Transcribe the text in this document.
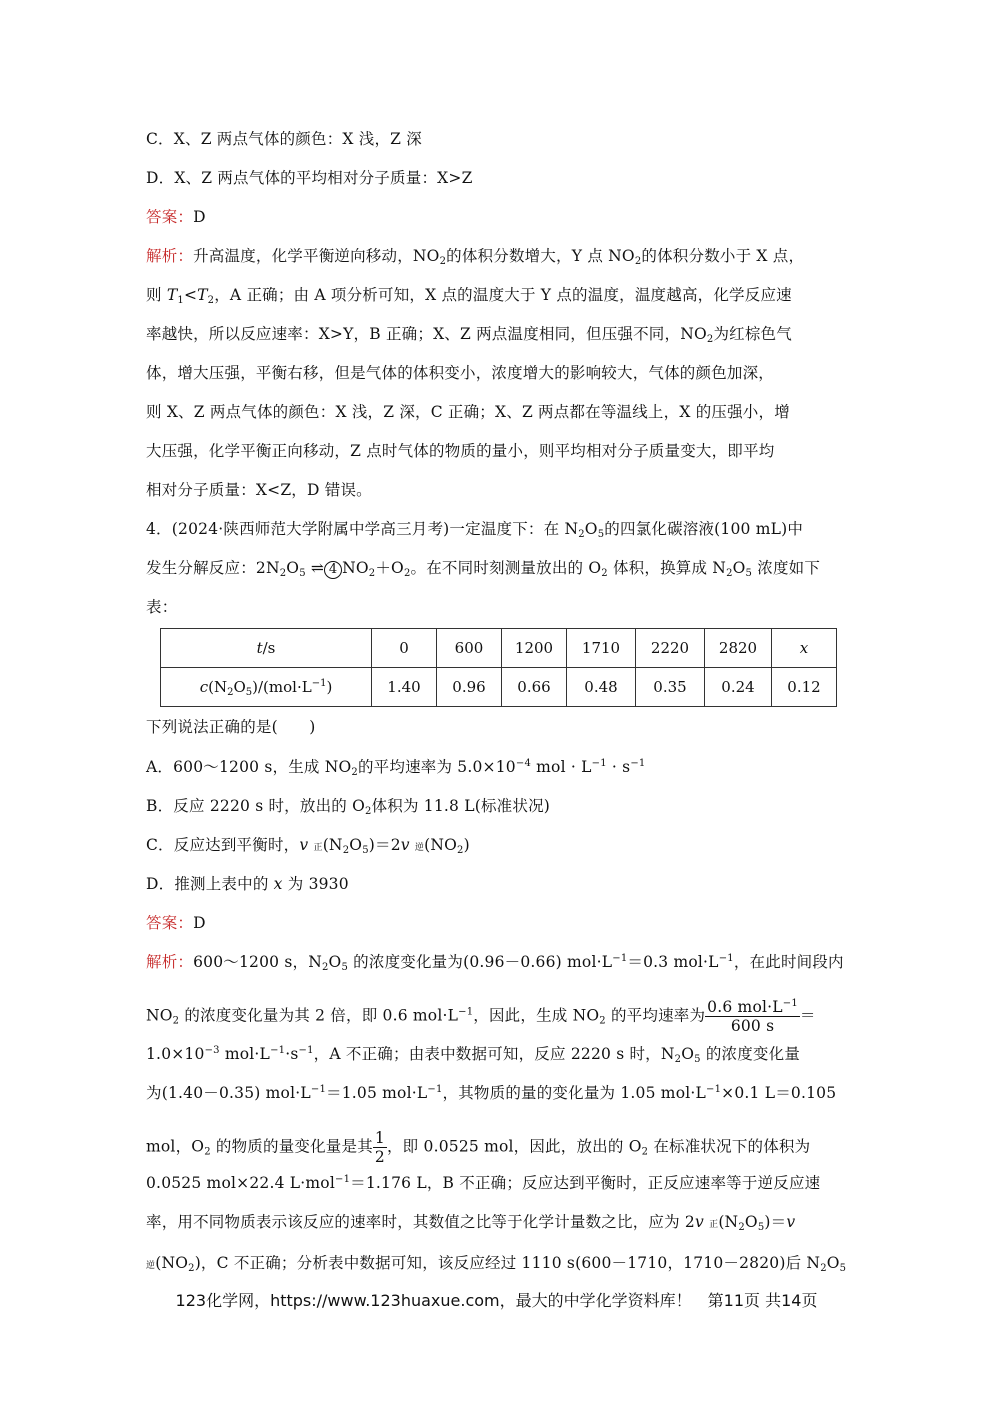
C．X、Z 两点气体的颜色：X 浅，Z 深
D．X、Z 两点气体的平均相对分子质量：X>Z
答案：D
解析：升高温度，化学平衡逆向移动，$NO_2$的体积分数增大，Y 点 $NO_2$的体积分数小于 X 点，
则 $T_1<T_2$，A 正确；由 A 项分析可知，X 点的温度大于 Y 点的温度，温度越高，化学反应速
率越快，所以反应速率：X>Y，B 正确；X、Z 两点温度相同，但压强不同，$NO_2$为红棕色气
体，增大压强，平衡右移，但是气体的体积变小，浓度增大的影响较大，气体的颜色加深，
则 X、Z 两点气体的颜色：X 浅，Z 深，C 正确；X、Z 两点都在等温线上，X 的压强小，增
大压强，化学平衡正向移动，Z 点时气体的物质的量小，则平均相对分子质量变大，即平均
相对分子质量：X<Z，D 错误。
4．(2024·陕西师范大学附属中学高三月考)一定温度下：在 $N_2O_5$的四氯化碳溶液(100 mL)中
发生分解反应：$2N_2O_5$ ⇌ 4 $NO_2+O_2$。在不同时刻测量放出的 $O_2$ 体积，换算成 $N_2O_5$ 浓度如下
表：
t/s	0	600	1200	1710	2220	2820	x
$c(N_2O_5)/(mol\cdot L^{-1})$	1.40	0.96	0.66	0.48	0.35	0.24	0.12
下列说法正确的是(　　)
A．600～1200 s，生成 $NO_2$的平均速率为 $5.0\times 10^{-4}$ mol · $L^{-1} \cdot s^{-1}$
B．反应 2220 s 时，放出的 $O_2$体积为 11.8 L(标准状况)
C．反应达到平衡时，v 正$(N_2O_5)=2v$ 逆$(NO_2)$
D．推测上表中的 x 为 3930
答案：D
解析：600～1200 s，$N_2O_5$ 的浓度变化量为(0.96－0.66) $mol\cdot L^{-1}=0.3$ $mol\cdot L^{-1}$，在此时间段内
$NO_2$ 的浓度变化量为其 2 倍，即 0.6 $mol\cdot L^{-1}$，因此，生成 $NO_2$ 的平均速率为 $\frac{0.6 mol\cdot L^{-1}}{600 s}$ ＝
$1.0\times 10^{-3}$ $mol\cdot L^{-1}\cdot s^{-1}$，A 不正确；由表中数据可知，反应 2220 s 时，$N_2O_5$ 的浓度变化量
为(1.40－0.35) $mol\cdot L^{-1}=1.05$ $mol\cdot L^{-1}$，其物质的量的变化量为 1.05 $mol\cdot L^{-1}\times 0.1$ L＝0.105
mol，$O_2$ 的物质的量变化量是其 $\frac{1}{2}$ ，即 0.0525 mol，因此，放出的 $O_2$ 在标准状况下的体积为
0.0525 mol×22.4 L·mol$^{-1}$＝1.176 L，B 不正确；反应达到平衡时，正反应速率等于逆反应速
率，用不同物质表示该反应的速率时，其数值之比等于化学计量数之比，应为 2v 正$(N_2O_5)=v$
逆$(NO_2)$，C 不正确；分析表中数据可知，该反应经过 1110 s(600－1710，1710－2820)后 $N_2O_5$
123化学网，https://www.123huaxue.com，最大的中学化学资料库！　第11页 共14页
